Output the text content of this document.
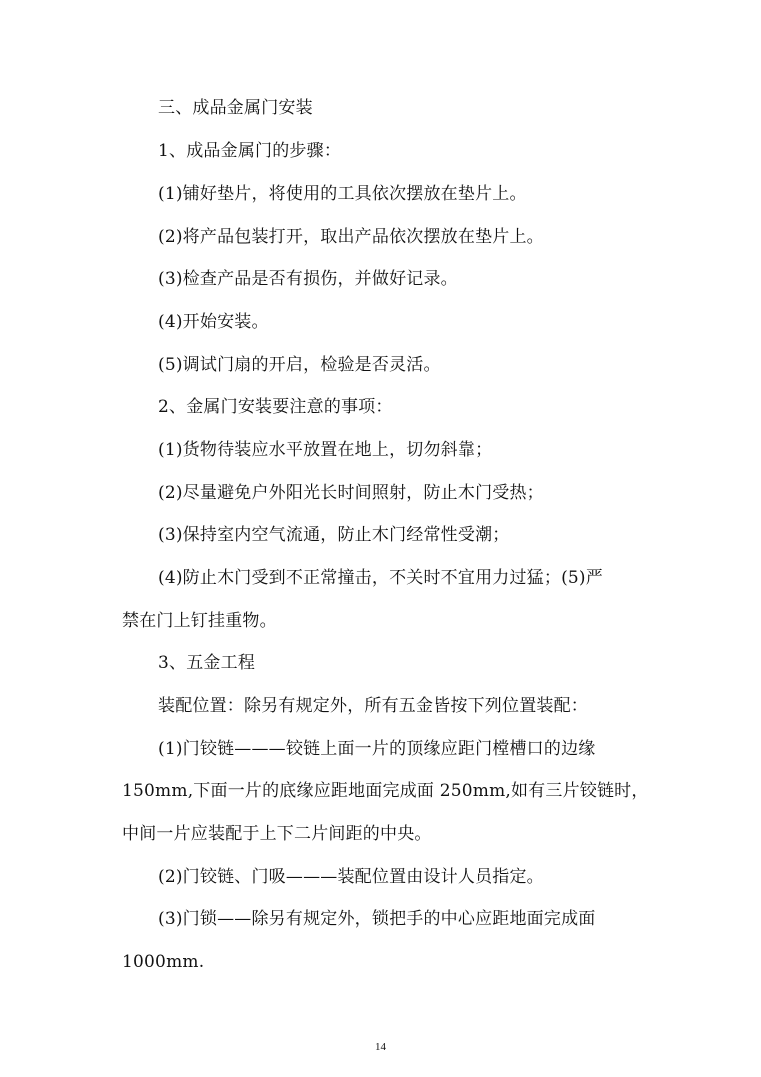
三、成品金属门安装
1、成品金属门的步骤：
(1)铺好垫片，将使用的工具依次摆放在垫片上。
(2)将产品包装打开，取出产品依次摆放在垫片上。
(3)检查产品是否有损伤，并做好记录。
(4)开始安装。
(5)调试门扇的开启，检验是否灵活。
2、金属门安装要注意的事项：
(1)货物待装应水平放置在地上，切勿斜靠；
(2)尽量避免户外阳光长时间照射，防止木门受热；
(3)保持室内空气流通，防止木门经常性受潮；
(4)防止木门受到不正常撞击，不关时不宜用力过猛；(5)严
禁在门上钉挂重物。
3、五金工程
装配位置：除另有规定外，所有五金皆按下列位置装配：
(1)门铰链———铰链上面一片的顶缘应距门樘槽口的边缘
150mm,下面一片的底缘应距地面完成面 250mm,如有三片铰链时，
中间一片应装配于上下二片间距的中央。
(2)门铰链、门吸———装配位置由设计人员指定。
(3)门锁——除另有规定外，锁把手的中心应距地面完成面
1000mm.
14
